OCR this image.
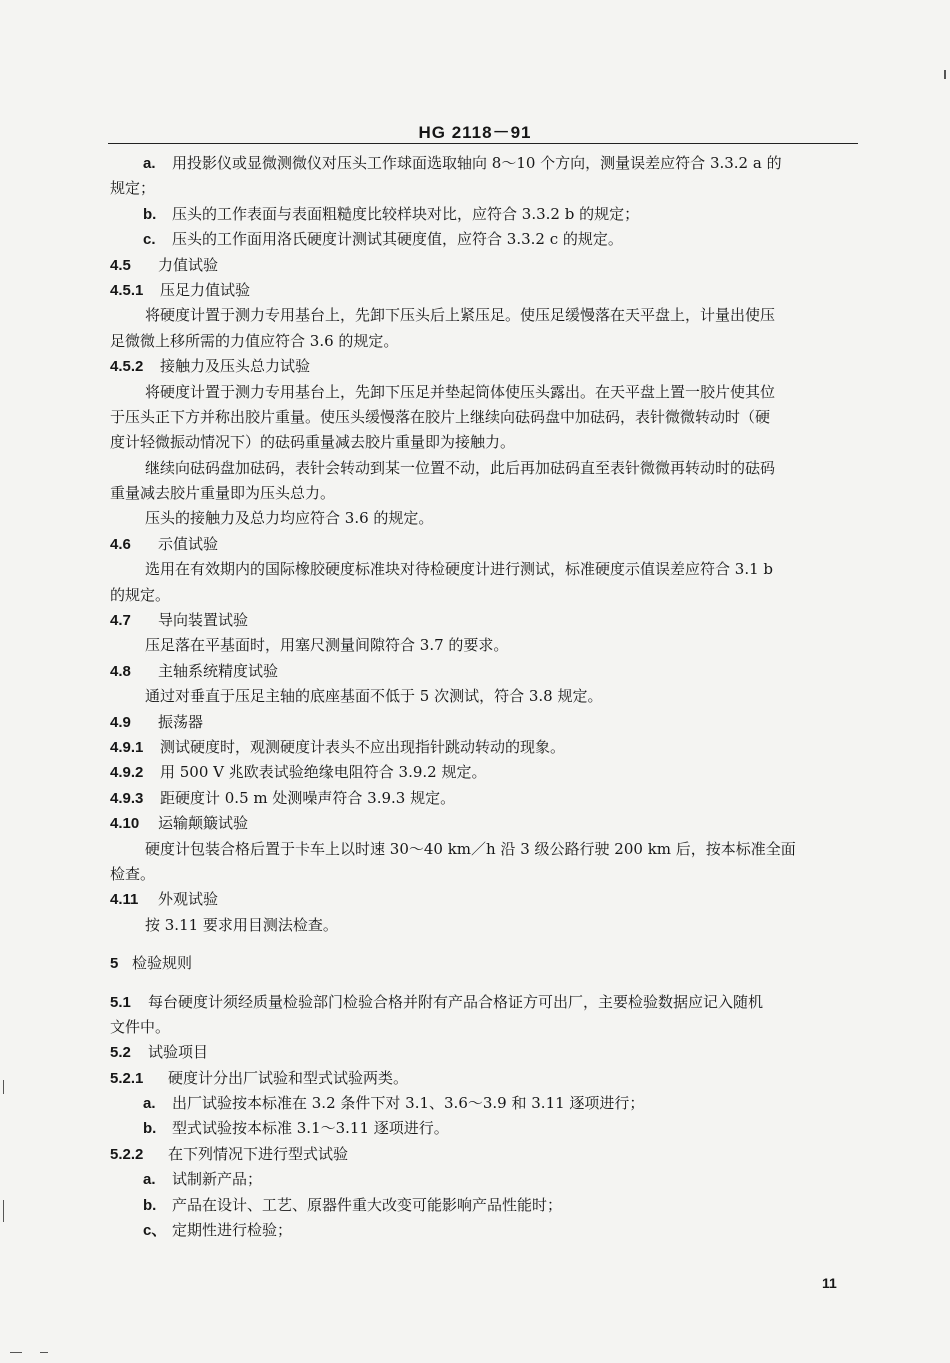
HG 2118－91
a. 用投影仪或显微测微仪对压头工作球面选取轴向 8～10 个方向，测量误差应符合 3.3.2 a 的
规定；
b. 压头的工作表面与表面粗糙度比较样块对比，应符合 3.3.2 b 的规定；
c. 压头的工作面用洛氏硬度计测试其硬度值，应符合 3.3.2 c 的规定。
4.5 力值试验
4.5.1 压足力值试验
将硬度计置于测力专用基台上，先卸下压头后上紧压足。使压足缓慢落在天平盘上，计量出使压
足微微上移所需的力值应符合 3.6 的规定。
4.5.2 接触力及压头总力试验
将硬度计置于测力专用基台上，先卸下压足并垫起筒体使压头露出。在天平盘上置一胶片使其位
于压头正下方并称出胶片重量。使压头缓慢落在胶片上继续向砝码盘中加砝码，表针微微转动时（硬
度计轻微振动情况下）的砝码重量减去胶片重量即为接触力。
继续向砝码盘加砝码，表针会转动到某一位置不动，此后再加砝码直至表针微微再转动时的砝码
重量减去胶片重量即为压头总力。
压头的接触力及总力均应符合 3.6 的规定。
4.6 示值试验
选用在有效期内的国际橡胶硬度标准块对待检硬度计进行测试，标准硬度示值误差应符合 3.1 b
的规定。
4.7 导向装置试验
压足落在平基面时，用塞尺测量间隙符合 3.7 的要求。
4.8 主轴系统精度试验
通过对垂直于压足主轴的底座基面不低于 5 次测试，符合 3.8 规定。
4.9 振荡器
4.9.1 测试硬度时，观测硬度计表头不应出现指针跳动转动的现象。
4.9.2 用 500 V 兆欧表试验绝缘电阻符合 3.9.2 规定。
4.9.3 距硬度计 0.5 m 处测噪声符合 3.9.3 规定。
4.10 运输颠簸试验
硬度计包装合格后置于卡车上以时速 30～40 km／h 沿 3 级公路行驶 200 km 后，按本标准全面
检查。
4.11 外观试验
按 3.11 要求用目测法检查。
5 检验规则
5.1 每台硬度计须经质量检验部门检验合格并附有产品合格证方可出厂，主要检验数据应记入随机
文件中。
5.2 试验项目
5.2.1 硬度计分出厂试验和型式试验两类。
a. 出厂试验按本标准在 3.2 条件下对 3.1、3.6～3.9 和 3.11 逐项进行；
b. 型式试验按本标准 3.1～3.11 逐项进行。
5.2.2 在下列情况下进行型式试验
a. 试制新产品；
b. 产品在设计、工艺、原器件重大改变可能影响产品性能时；
c、 定期性进行检验；
11
